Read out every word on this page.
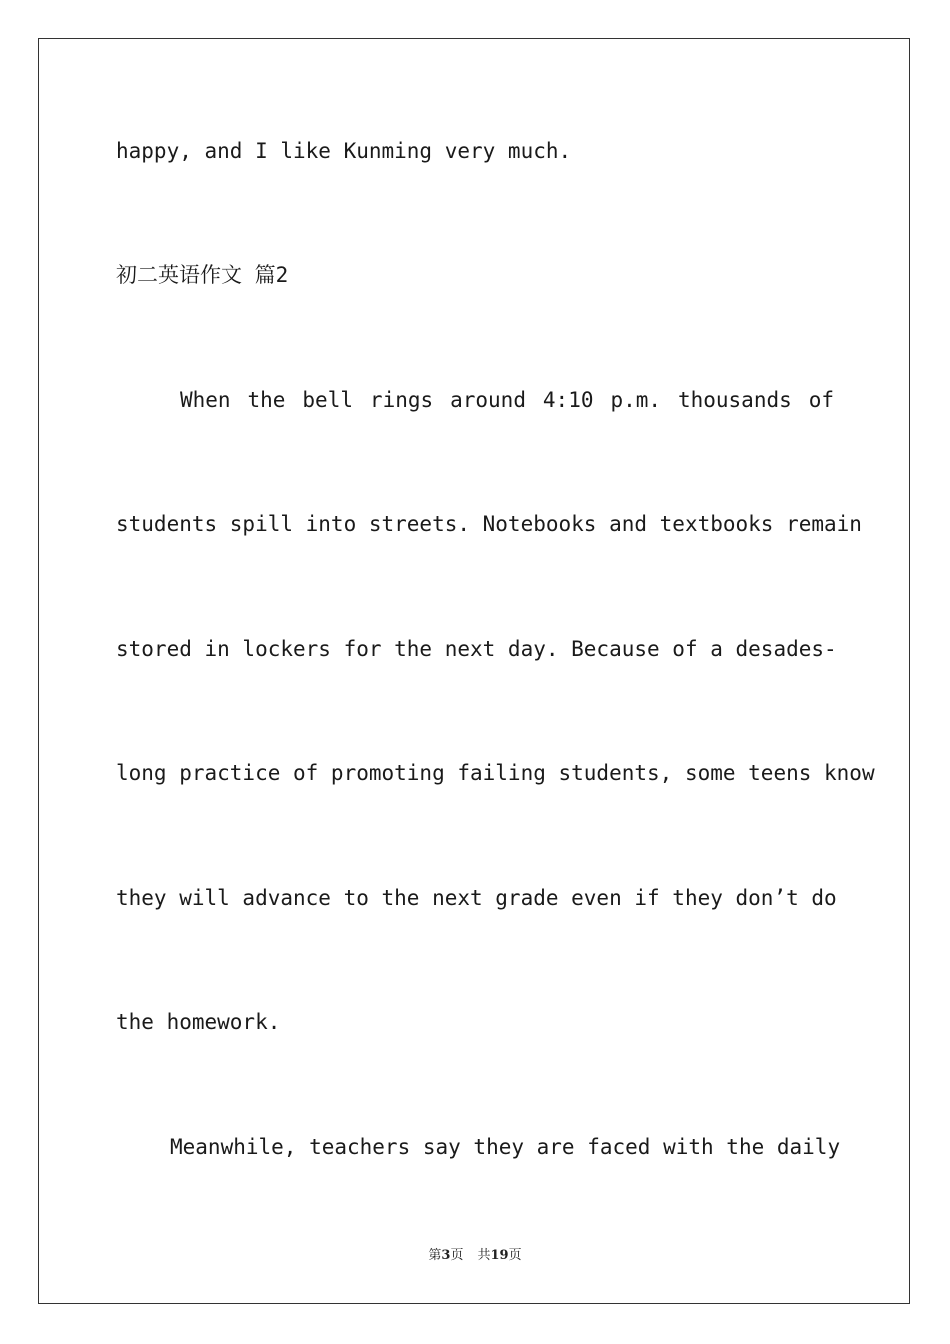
happy, and I like Kunming very much.
初二英语作文 篇2
When the bell rings around 4:10 p.m. thousands of
students spill into streets. Notebooks and textbooks remain
stored in lockers for the next day. Because of a desades-
long practice of promoting failing students, some teens know
they will advance to the next grade even if they don’t do
the homework.
Meanwhile, teachers say they are faced with the daily
第3页 共19页
